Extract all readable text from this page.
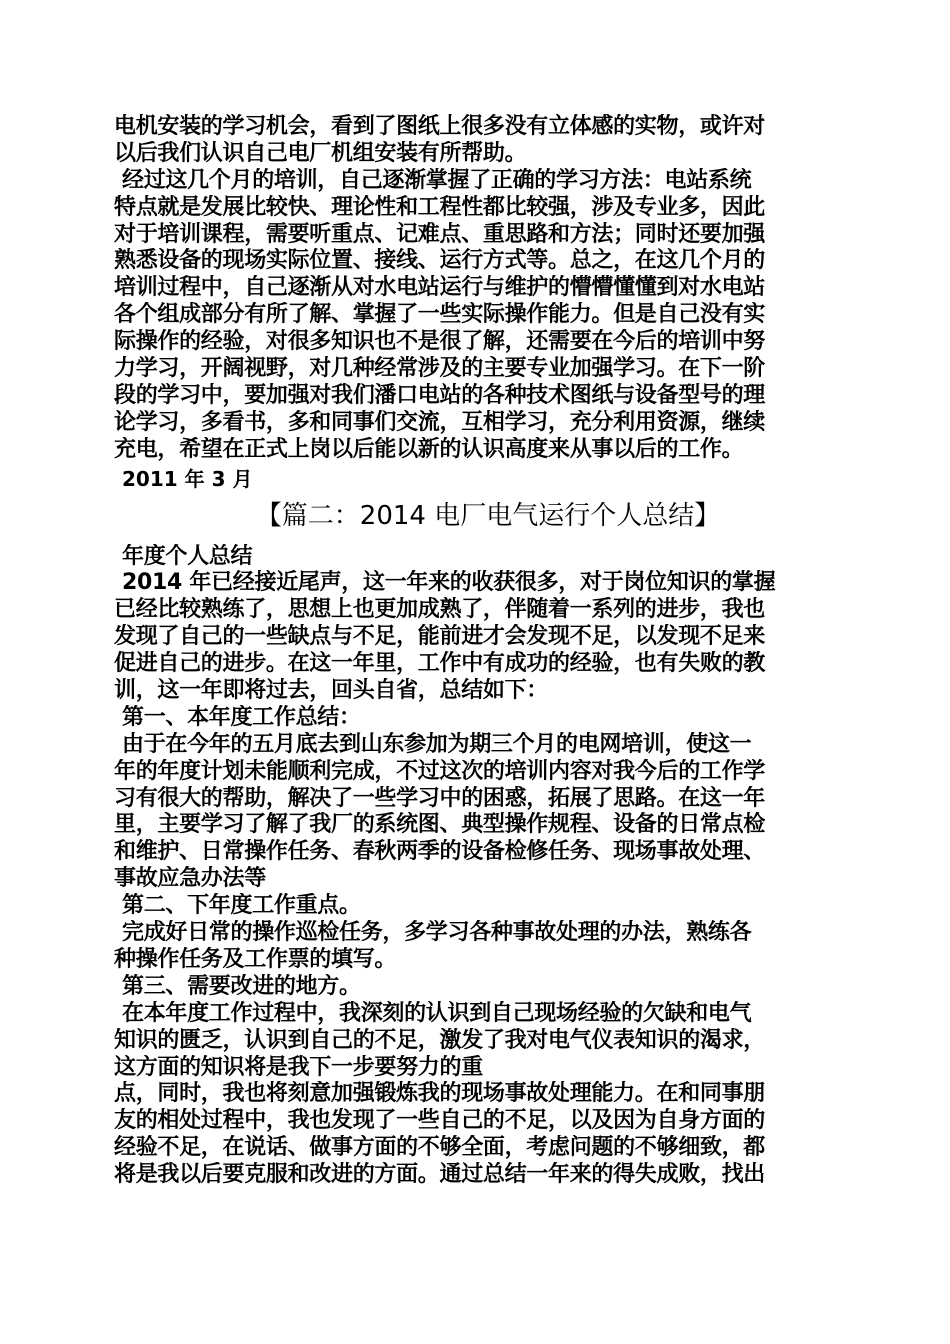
电机安装的学习机会，看到了图纸上很多没有立体感的实物，或许对
以后我们认识自己电厂机组安装有所帮助。
经过这几个月的培训，自己逐渐掌握了正确的学习方法：电站系统
特点就是发展比较快、理论性和工程性都比较强，涉及专业多，因此
对于培训课程，需要听重点、记难点、重思路和方法；同时还要加强
熟悉设备的现场实际位置、接线、运行方式等。总之，在这几个月的
培训过程中，自己逐渐从对水电站运行与维护的懵懵懂懂到对水电站
各个组成部分有所了解、掌握了一些实际操作能力。但是自己没有实
际操作的经验，对很多知识也不是很了解，还需要在今后的培训中努
力学习，开阔视野，对几种经常涉及的主要专业加强学习。在下一阶
段的学习中，要加强对我们潘口电站的各种技术图纸与设备型号的理
论学习，多看书，多和同事们交流，互相学习，充分利用资源，继续
充电，希望在正式上岗以后能以新的认识高度来从事以后的工作。
2011 年 3 月
【篇二：2014 电厂电气运行个人总结】
年度个人总结
2014 年已经接近尾声，这一年来的收获很多，对于岗位知识的掌握
已经比较熟练了，思想上也更加成熟了，伴随着一系列的进步，我也
发现了自己的一些缺点与不足，能前进才会发现不足，以发现不足来
促进自己的进步。在这一年里，工作中有成功的经验，也有失败的教
训，这一年即将过去，回头自省，总结如下：
第一、本年度工作总结：
由于在今年的五月底去到山东参加为期三个月的电网培训，使这一
年的年度计划未能顺利完成，不过这次的培训内容对我今后的工作学
习有很大的帮助，解决了一些学习中的困惑，拓展了思路。在这一年
里，主要学习了解了我厂的系统图、典型操作规程、设备的日常点检
和维护、日常操作任务、春秋两季的设备检修任务、现场事故处理、
事故应急办法等
第二、下年度工作重点。
完成好日常的操作巡检任务，多学习各种事故处理的办法，熟练各
种操作任务及工作票的填写。
第三、需要改进的地方。
在本年度工作过程中，我深刻的认识到自己现场经验的欠缺和电气
知识的匮乏，认识到自己的不足，激发了我对电气仪表知识的渴求，
这方面的知识将是我下一步要努力的重
点，同时，我也将刻意加强锻炼我的现场事故处理能力。在和同事朋
友的相处过程中，我也发现了一些自己的不足，以及因为自身方面的
经验不足，在说话、做事方面的不够全面，考虑问题的不够细致，都
将是我以后要克服和改进的方面。通过总结一年来的得失成败，找出
